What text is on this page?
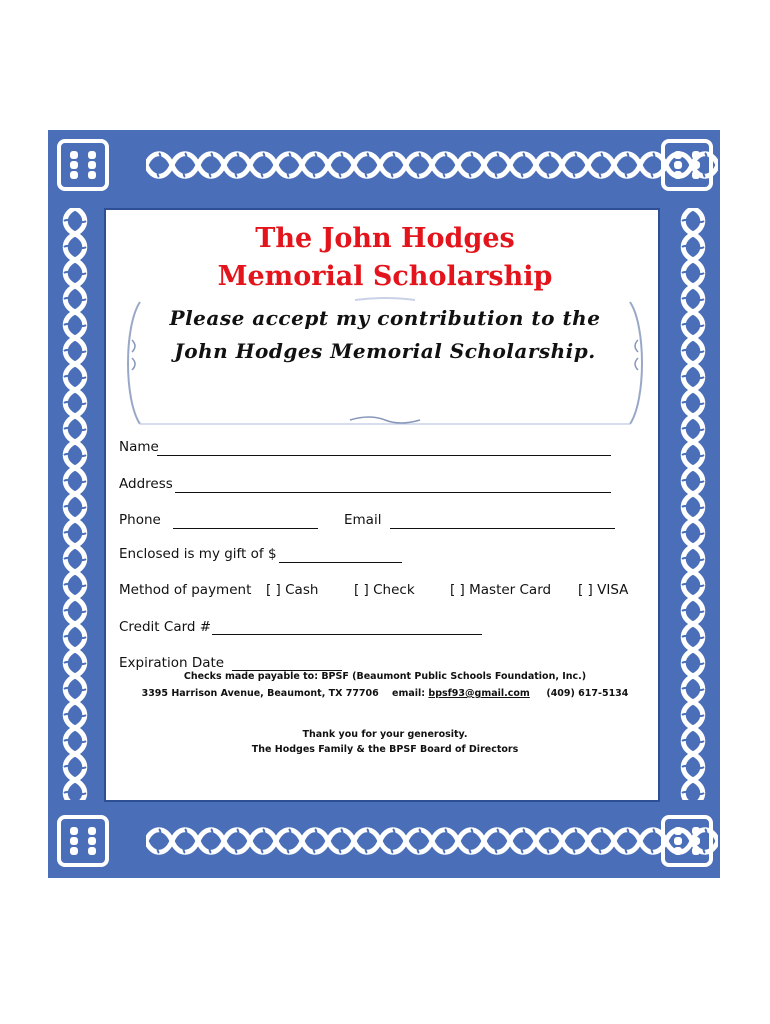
The John Hodges
Memorial Scholarship
Please accept my contribution to the
John Hodges Memorial Scholarship.
Name
Address
Phone	Email
Enclosed is my gift of $
Method of payment [ ] Cash	[ ] Check	[ ] Master Card [ ] VISA
Credit Card #
Expiration Date
Checks made payable to: BPSF (Beaumont Public Schools Foundation, Inc.)
3395 Harrison Avenue, Beaumont, TX 77706 email: bpsf93@gmail.com (409) 617-5134
Thank you for your generosity.
The Hodges Family & the BPSF Board of Directors
